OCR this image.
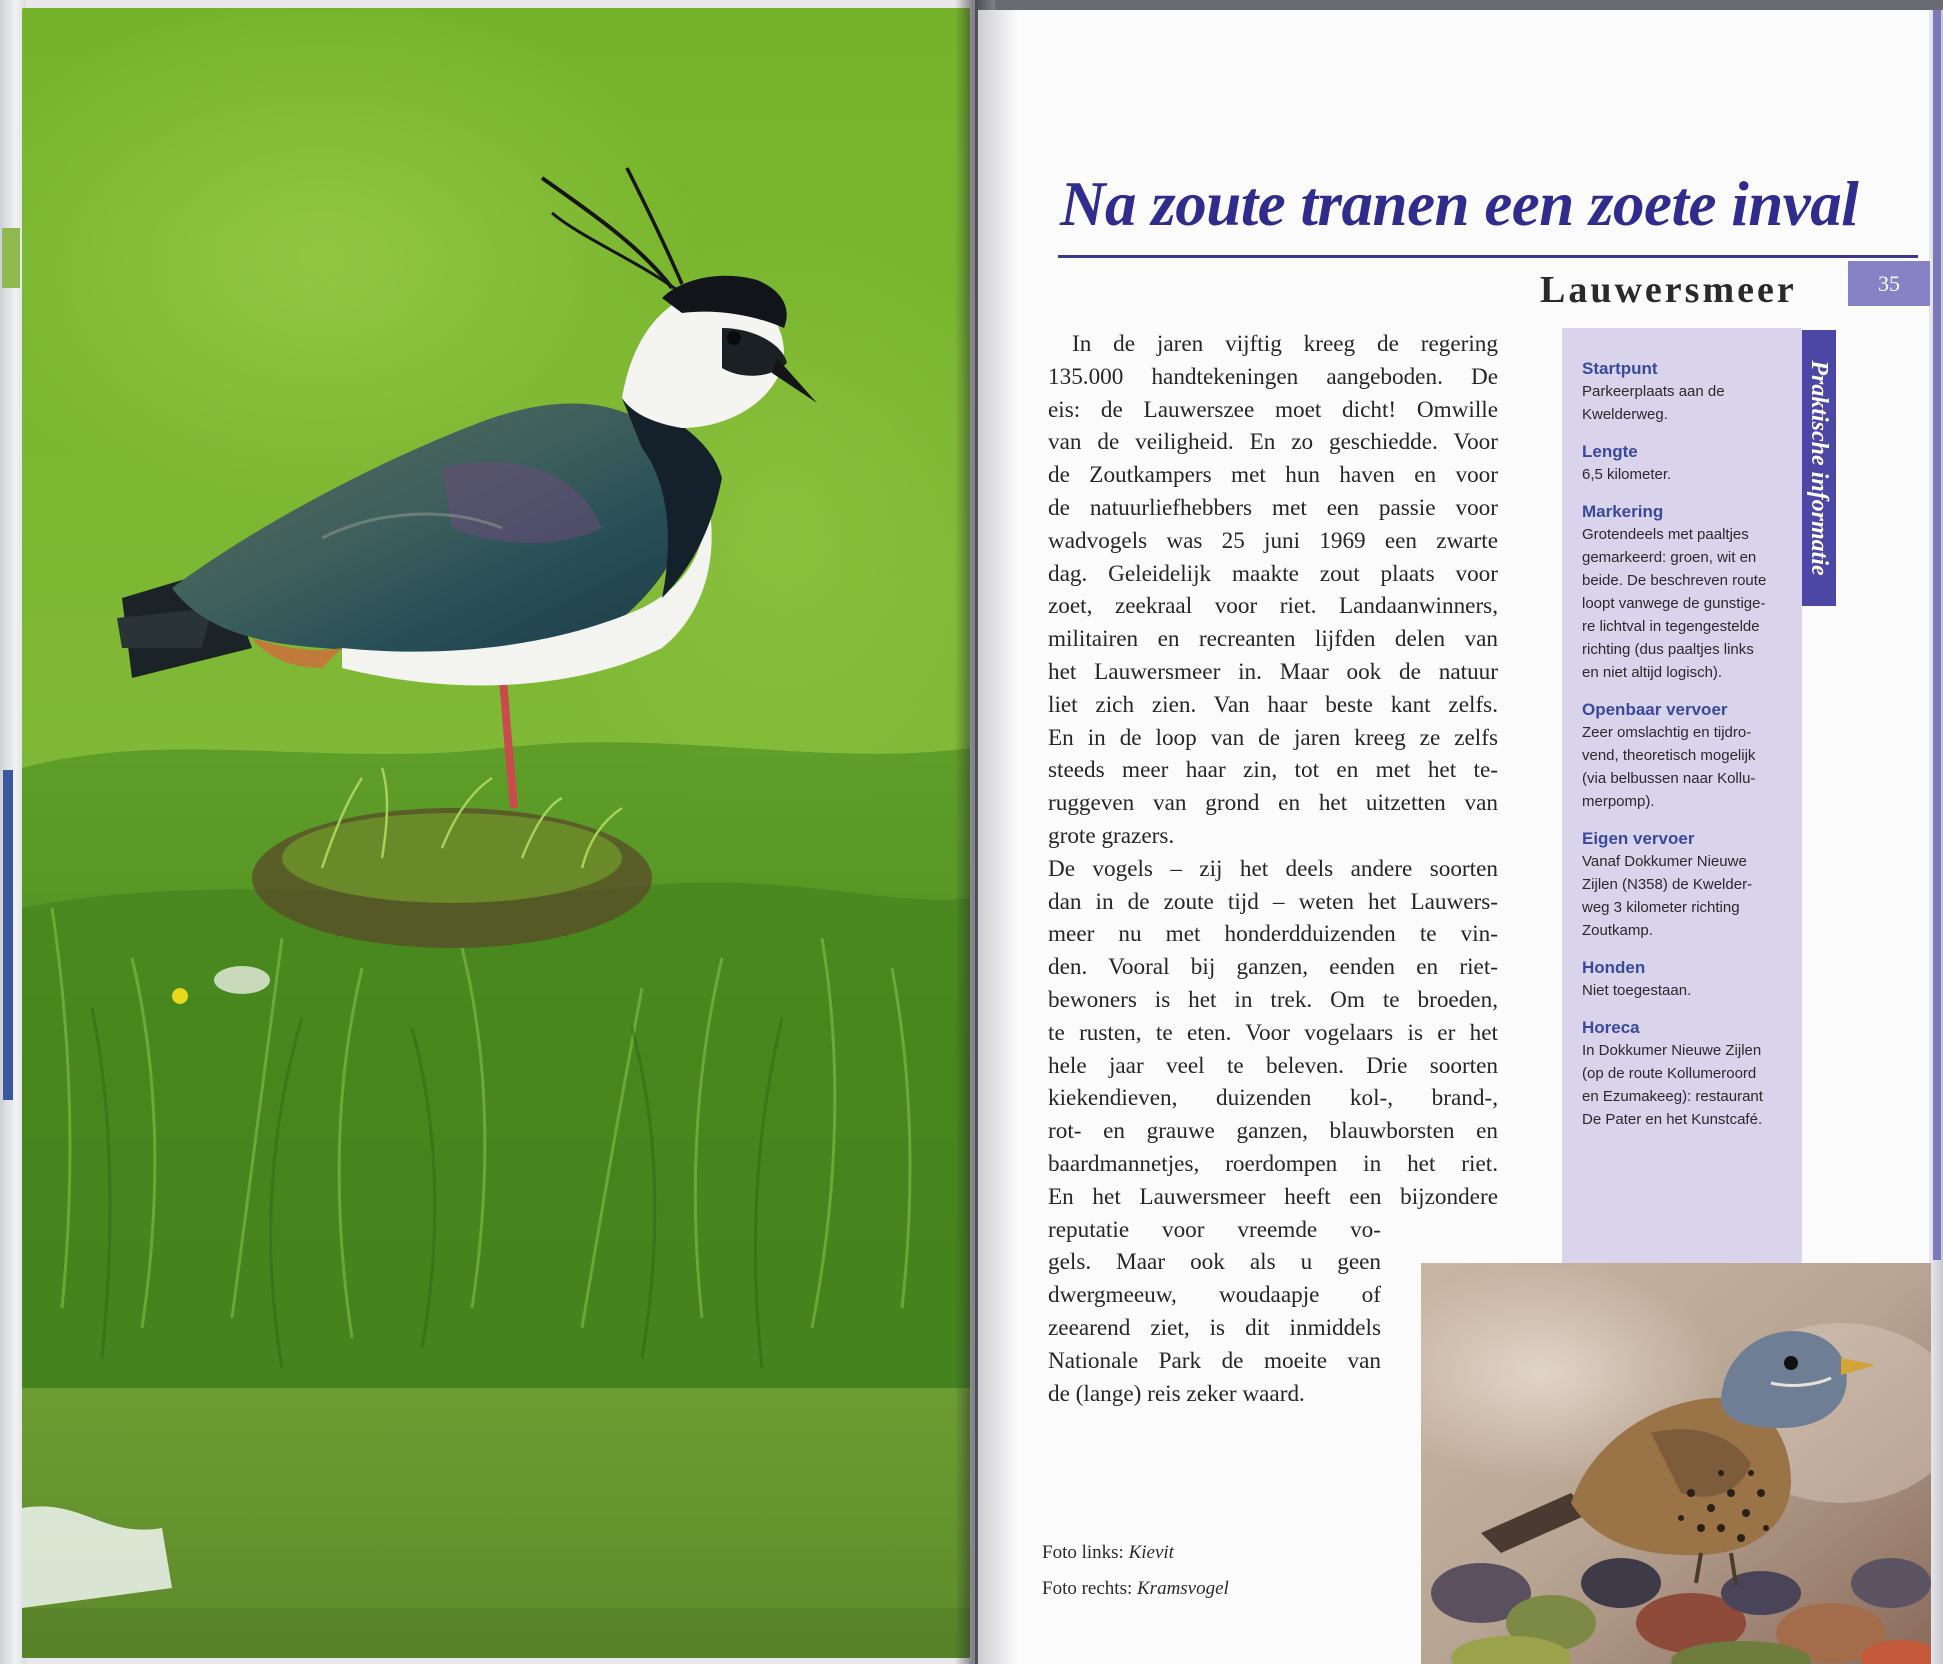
Na zoute tranen een zoete inval
Lauwersmeer	35
In de jaren vijftig kreeg de regering
135.000 handtekeningen aangeboden. De
eis: de Lauwerszee moet dicht! Omwille
van de veiligheid. En zo geschiedde. Voor
de Zoutkampers met hun haven en voor
de natuurliefhebbers met een passie voor
wadvogels was 25 juni 1969 een zwarte
dag. Geleidelijk maakte zout plaats voor
zoet, zeekraal voor riet. Landaanwinners,
militairen en recreanten lijfden delen van
het Lauwersmeer in. Maar ook de natuur
liet zich zien. Van haar beste kant zelfs.
En in de loop van de jaren kreeg ze zelfs
steeds meer haar zin, tot en met het te-
ruggeven van grond en het uitzetten van
grote grazers.
De vogels – zij het deels andere soorten
dan in de zoute tijd – weten het Lauwers-
meer nu met honderdduizenden te vin-
den. Vooral bij ganzen, eenden en riet-
bewoners is het in trek. Om te broeden,
te rusten, te eten. Voor vogelaars is er het
hele jaar veel te beleven. Drie soorten
kiekendieven, duizenden kol-, brand-,
rot- en grauwe ganzen, blauwborsten en
baardmannetjes, roerdompen in het riet.
En het Lauwersmeer heeft een bijzondere
reputatie voor vreemde vo-
gels. Maar ook als u geen
dwergmeeuw, woudaapje of
zeearend ziet, is dit inmiddels
Nationale Park de moeite van
de (lange) reis zeker waard.
Foto links: Kievit
Foto rechts: Kramsvogel
Startpunt
Parkeerplaats aan de
Kwelderweg.
Lengte
6,5 kilometer.
Markering
Grotendeels met paaltjes
gemarkeerd: groen, wit en
beide. De beschreven route
loopt vanwege de gunstige-
re lichtval in tegengestelde
richting (dus paaltjes links
en niet altijd logisch).
Openbaar vervoer
Zeer omslachtig en tijdro-
vend, theoretisch mogelijk
(via belbussen naar Kollu-
merpomp).
Eigen vervoer
Vanaf Dokkumer Nieuwe
Zijlen (N358) de Kwelder-
weg 3 kilometer richting
Zoutkamp.
Honden
Niet toegestaan.
Horeca
In Dokkumer Nieuwe Zijlen
(op de route Kollumeroord
en Ezumakeeg): restaurant
De Pater en het Kunstcafé.
Praktische informatie
